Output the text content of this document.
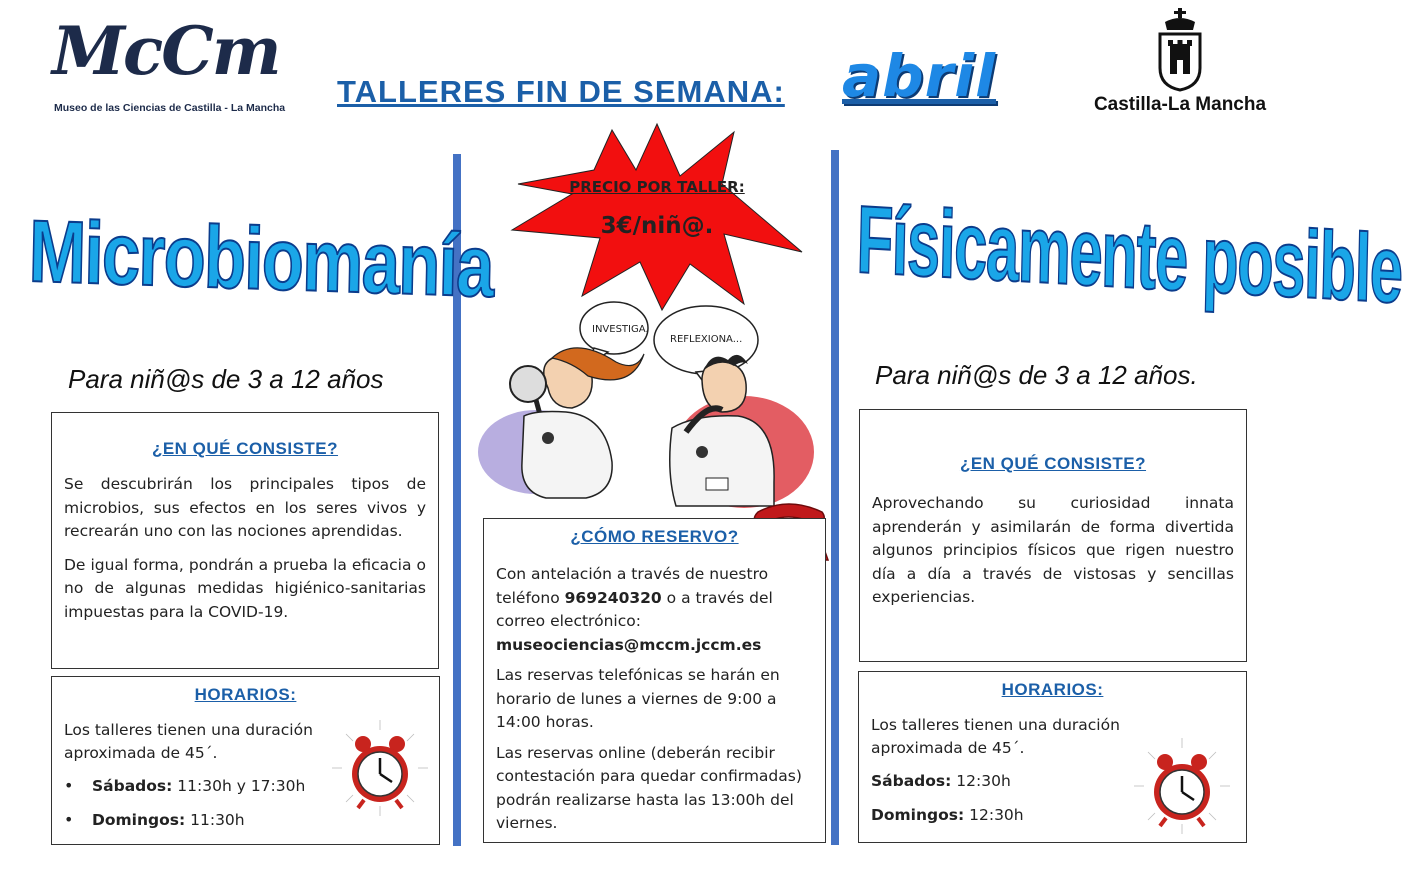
McCm
Museo de las Ciencias de Castilla - La Mancha TALLERES FIN DE SEMANA: abril	Castilla-La Mancha
Microbiomanía
Para niñ@s de 3 a 12 años
¿EN QUÉ CONSISTE?

Se descubrirán los principales tipos de microbios, sus efectos en los seres vivos y recrearán uno con las nociones aprendidas.

De igual forma, pondrán a prueba la eficacia o no de algunas medidas higiénico-sanitarias impuestas para la COVID-19.

HORARIOS:

Los talleres tienen una duración aproximada de 45´.

• Sábados: 11:30h y 17:30h
• Domingos: 11:30h
PRECIO POR TALLER:
3€/niñ@.
INVESTIGA.
REFLEXIONA...
¿CÓMO RESERVO?

Con antelación a través de nuestro teléfono 969240320 o a través del correo electrónico: museociencias@mccm.jccm.es

Las reservas telefónicas se harán en horario de lunes a viernes de 9:00 a 14:00 horas.

Las reservas online (deberán recibir contestación para quedar confirmadas) podrán realizarse hasta las 13:00h del viernes.

Físicamente posible
Para niñ@s de 3 a 12 años.
¿EN QUÉ CONSISTE?

Aprovechando su curiosidad innata aprenderán y asimilarán de forma divertida algunos principios físicos que rigen nuestro día a día a través de vistosas y sencillas experiencias.

HORARIOS:

Los talleres tienen una duración aproximada de 45´.

Sábados: 12:30h
Domingos: 12:30h
